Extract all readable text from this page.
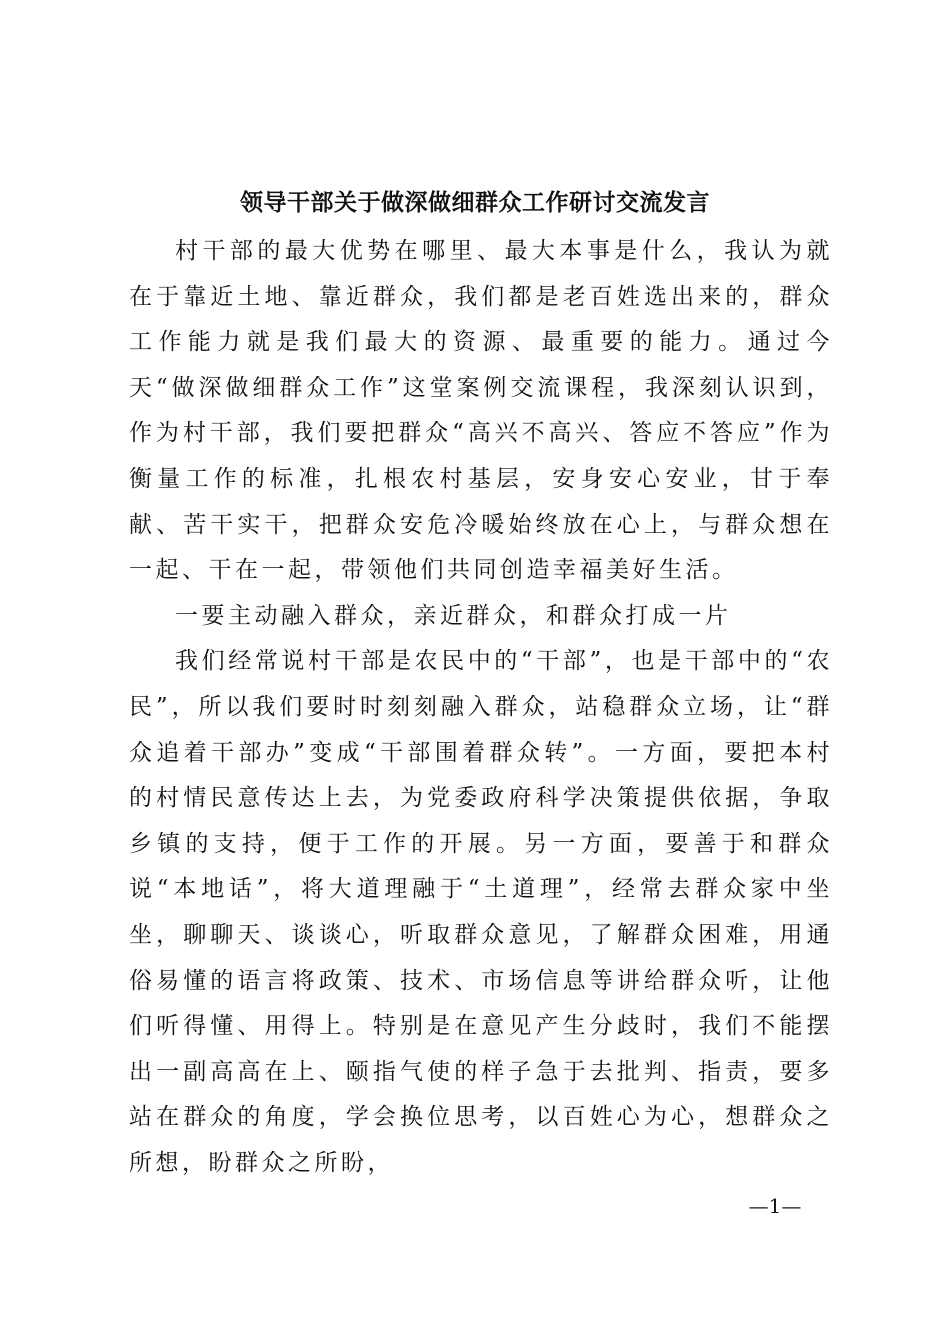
领导干部关于做深做细群众工作研讨交流发言

村干部的最大优势在哪里、最大本事是什么，我认为就在于靠近土地、靠近群众，我们都是老百姓选出来的，群众工作能力就是我们最大的资源、最重要的能力。通过今天“做深做细群众工作”这堂案例交流课程，我深刻认识到，作为村干部，我们要把群众“高兴不高兴、答应不答应”作为衡量工作的标准，扎根农村基层，安身安心安业，甘于奉献、苦干实干，把群众安危冷暖始终放在心上，与群众想在一起、干在一起，带领他们共同创造幸福美好生活。

一要主动融入群众，亲近群众，和群众打成一片

我们经常说村干部是农民中的“干部”，也是干部中的“农民”，所以我们要时时刻刻融入群众，站稳群众立场，让“群众追着干部办”变成“干部围着群众转”。一方面，要把本村的村情民意传达上去，为党委政府科学决策提供依据，争取乡镇的支持，便于工作的开展。另一方面，要善于和群众说“本地话”，将大道理融于“土道理”，经常去群众家中坐坐，聊聊天、谈谈心，听取群众意见，了解群众困难，用通俗易懂的语言将政策、技术、市场信息等讲给群众听，让他们听得懂、用得上。特别是在意见产生分歧时，我们不能摆出一副高高在上、颐指气使的样子急于去批判、指责，要多站在群众的角度，学会换位思考，以百姓心为心，想群众之所想，盼群众之所盼，

—1—
